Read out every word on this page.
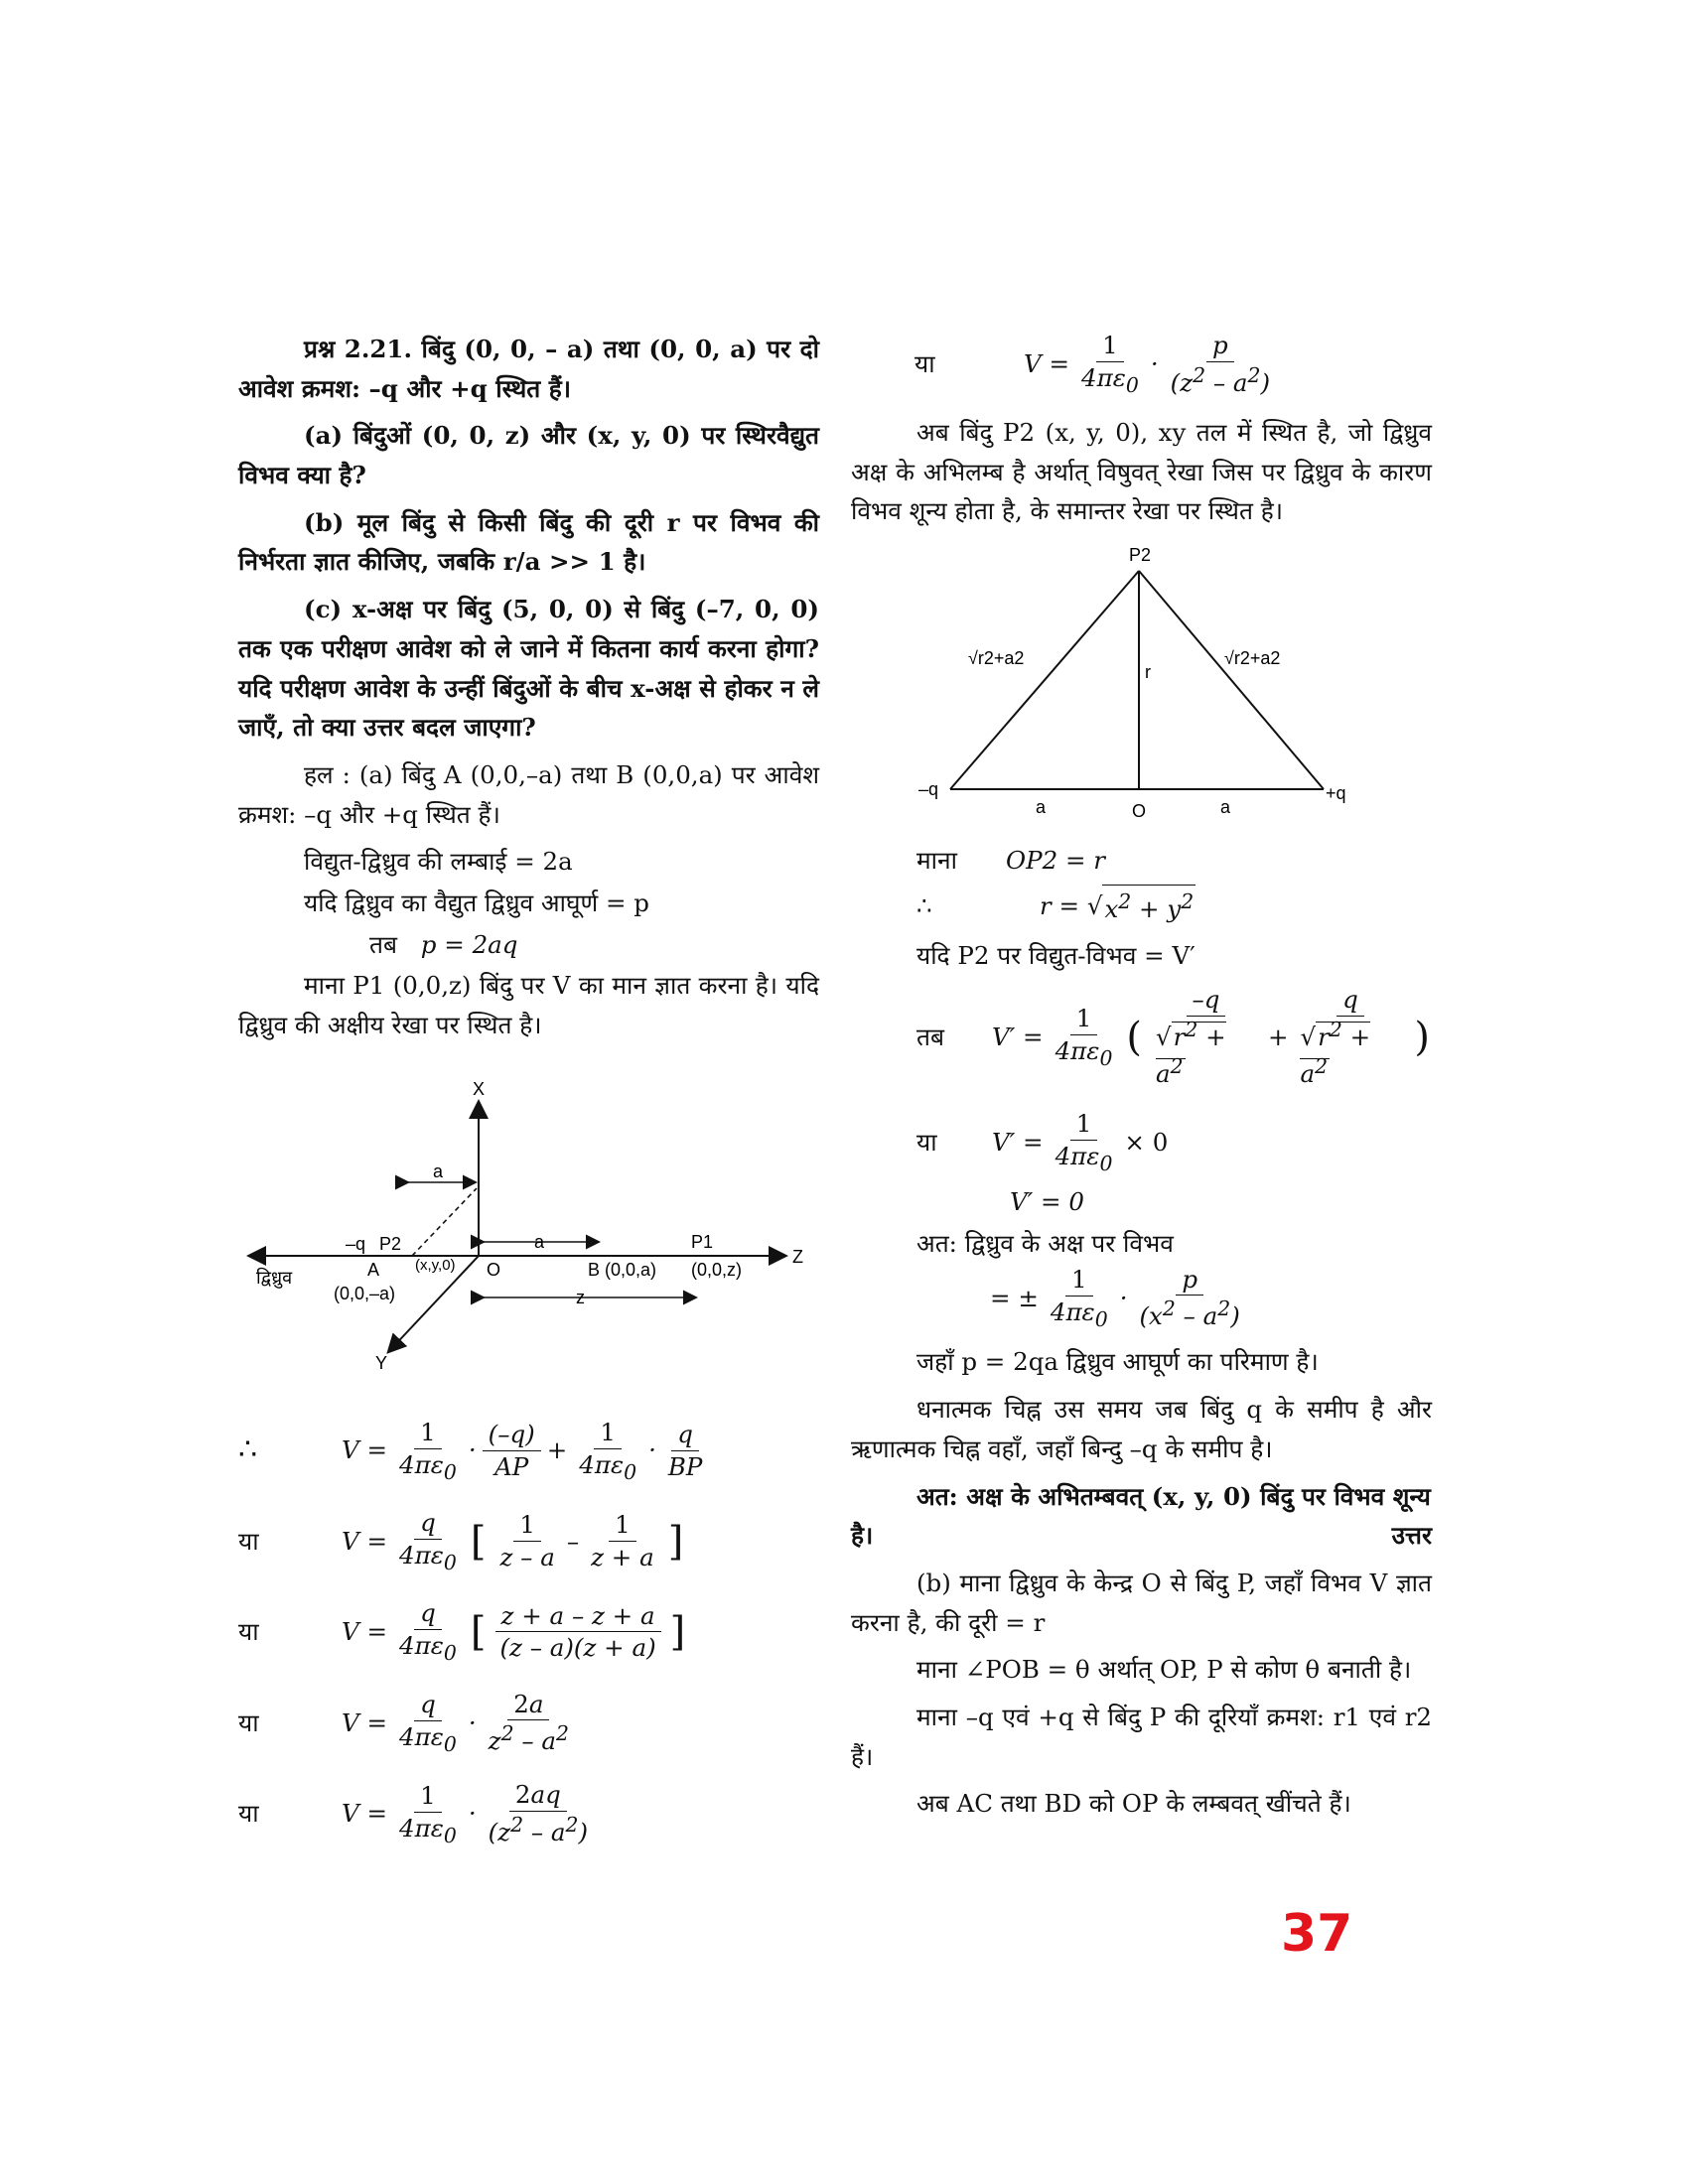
प्रश्न 2.21. बिंदु (0, 0, – a) तथा (0, 0, a) पर दो आवेश क्रमश: –q और +q स्थित हैं।

(a) बिंदुओं (0, 0, z) और (x, y, 0) पर स्थिरवैद्युत विभव क्या है?

(b) मूल बिंदु से किसी बिंदु की दूरी r पर विभव की निर्भरता ज्ञात कीजिए, जबकि r/a >> 1 है।

(c) x-अक्ष पर बिंदु (5, 0, 0) से बिंदु (–7, 0, 0) तक एक परीक्षण आवेश को ले जाने में कितना कार्य करना होगा? यदि परीक्षण आवेश के उन्हीं बिंदुओं के बीच x-अक्ष से होकर न ले जाएँ, तो क्या उत्तर बदल जाएगा?

हल : (a) बिंदु A (0,0,–a) तथा B (0,0,a) पर आवेश क्रमश: –q और +q स्थित हैं।

विद्युत-द्विध्रुव की लम्बाई = 2a

यदि द्विध्रुव का वैद्युत द्विध्रुव आघूर्ण = p

तब p = 2aq

माना P1 (0,0,z) बिंदु पर V का मान ज्ञात करना है। यदि द्विध्रुव की अक्षीय रेखा पर स्थित है।

X
Z
Y
O
a
a
z
–q P2	P1
द्विध्रुव	A
(0,0,–a)
(x,y,0)	B (0,0,a) (0,0,z)
∴	$V = \frac{1}{4\pi\varepsilon_0} \cdot \frac{(-q)}{AP} + \frac{1}{4\pi\varepsilon_0} \cdot \frac{q}{BP}$
या	$V = \frac{q}{4\pi\varepsilon_0}$ [ $\frac{1}{z - a} - \frac{1}{z + a}$ ]
या	$V = \frac{q}{4\pi\varepsilon_0}$ [ $\frac{z + a - z + a}{(z - a)(z + a)}$ ]
या	$V = \frac{q}{4\pi\varepsilon_0} \cdot \frac{2a}{z^2 - a^2}$
या	$V = \frac{1}{4\pi\varepsilon_0} \cdot \frac{2aq}{(z^2 - a^2)}$
या	$V = \frac{1}{4\pi\varepsilon_0} \cdot \frac{p}{(z^2 - a^2)}$

अब बिंदु P2 (x, y, 0), xy तल में स्थित है, जो द्विध्रुव अक्ष के अभिलम्ब है अर्थात् विषुवत् रेखा जिस पर द्विध्रुव के कारण विभव शून्य होता है, के समान्तर रेखा पर स्थित है।

P2
r
√r2+a2	√r2+a2
–q	+q
a	a
O
माना	OP2 = r
∴	r = √ $x^2 + y^2$

यदि P2 पर विद्युत-विभव = V′

तब	$V' = \frac{1}{4\pi\varepsilon_0}$ ( $\frac{-q}{√r^2 + a^2} + \frac{q}{√r^2 + a^2}$ )
या	$V' = \frac{1}{4\pi\varepsilon_0} \times 0$

V′ = 0

अत: द्विध्रुव के अक्ष पर विभव

= ± $\frac{1}{4\pi\varepsilon_0} \cdot \frac{p}{(x^2 - a^2)}$

जहाँ p = 2qa द्विध्रुव आघूर्ण का परिमाण है।

धनात्मक चिह्न उस समय जब बिंदु q के समीप है और ऋणात्मक चिह्न वहाँ, जहाँ बिन्दु –q के समीप है।

अत: अक्ष के अभितम्बवत् (x, y, 0) बिंदु पर विभव शून्य है।	उत्तर

(b) माना द्विध्रुव के केन्द्र O से बिंदु P, जहाँ विभव V ज्ञात करना है, की दूरी = r

माना ∠POB = θ अर्थात् OP, P से कोण θ बनाती है।

माना –q एवं +q से बिंदु P की दूरियाँ क्रमश: r1 एवं r2 हैं।

अब AC तथा BD को OP के लम्बवत् खींचते हैं।

37
